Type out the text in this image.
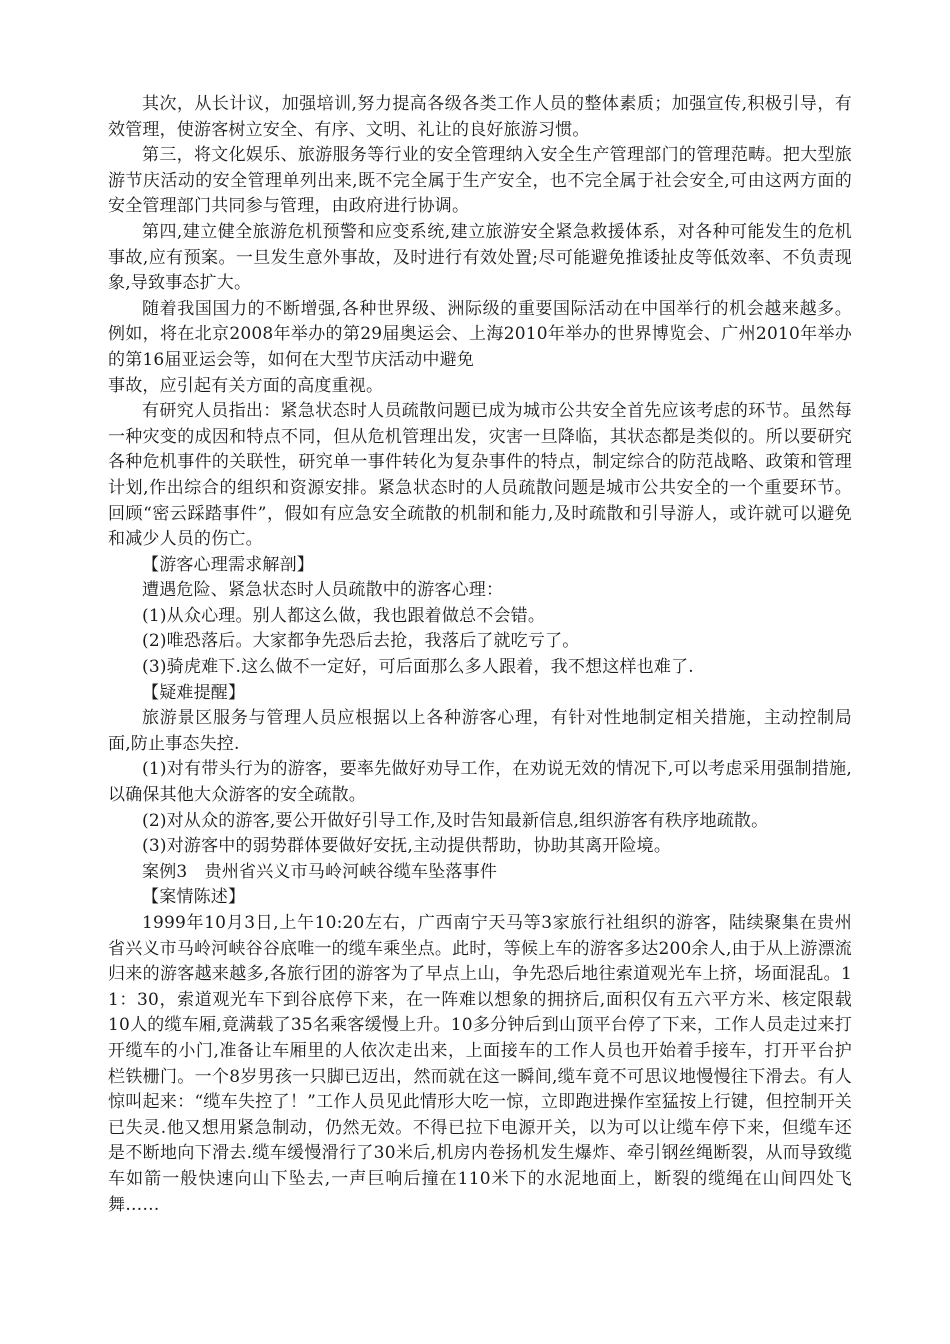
其次，从长计议，加强培训,努力提高各级各类工作人员的整体素质；加强宣传,积极引导，有效管理，使游客树立安全、有序、文明、礼让的良好旅游习惯。

第三，将文化娱乐、旅游服务等行业的安全管理纳入安全生产管理部门的管理范畴。把大型旅游节庆活动的安全管理单列出来,既不完全属于生产安全，也不完全属于社会安全,可由这两方面的安全管理部门共同参与管理，由政府进行协调。

第四,建立健全旅游危机预警和应变系统,建立旅游安全紧急救援体系，对各种可能发生的危机事故,应有预案。一旦发生意外事故，及时进行有效处置;尽可能避免推诿扯皮等低效率、不负责现象,导致事态扩大。

随着我国国力的不断增强,各种世界级、洲际级的重要国际活动在中国举行的机会越来越多。例如，将在北京2008年举办的第29届奥运会、上海2010年举办的世界博览会、广州2010年举办的第16届亚运会等，如何在大型节庆活动中避免

事故，应引起有关方面的高度重视。

有研究人员指出：紧急状态时人员疏散问题已成为城市公共安全首先应该考虑的环节。虽然每一种灾变的成因和特点不同，但从危机管理出发，灾害一旦降临，其状态都是类似的。所以要研究各种危机事件的关联性，研究单一事件转化为复杂事件的特点，制定综合的防范战略、政策和管理计划,作出综合的组织和资源安排。紧急状态时的人员疏散问题是城市公共安全的一个重要环节。回顾“密云踩踏事件”，假如有应急安全疏散的机制和能力,及时疏散和引导游人，或许就可以避免和减少人员的伤亡。

【游客心理需求解剖】

遭遇危险、紧急状态时人员疏散中的游客心理：

(1)从众心理。别人都这么做，我也跟着做总不会错。

(2)唯恐落后。大家都争先恐后去抢，我落后了就吃亏了。

(3)骑虎难下.这么做不一定好，可后面那么多人跟着，我不想这样也难了.

【疑难提醒】

旅游景区服务与管理人员应根据以上各种游客心理，有针对性地制定相关措施，主动控制局面,防止事态失控.

(1)对有带头行为的游客，要率先做好劝导工作，在劝说无效的情况下,可以考虑采用强制措施,以确保其他大众游客的安全疏散。

(2)对从众的游客,要公开做好引导工作,及时告知最新信息,组织游客有秩序地疏散。

(3)对游客中的弱势群体要做好安抚,主动提供帮助，协助其离开险境。

案例3　贵州省兴义市马岭河峡谷缆车坠落事件

【案情陈述】

1999年10月3日,上午10:20左右，广西南宁天马等3家旅行社组织的游客，陆续聚集在贵州省兴义市马岭河峡谷谷底唯一的缆车乘坐点。此时，等候上车的游客多达200余人,由于从上游漂流归来的游客越来越多,各旅行团的游客为了早点上山，争先恐后地往索道观光车上挤，场面混乱。1 1：30，索道观光车下到谷底停下来，在一阵难以想象的拥挤后,面积仅有五六平方米、核定限载10人的缆车厢,竟满载了35名乘客缓慢上升。10多分钟后到山顶平台停了下来，工作人员走过来打开缆车的小门,准备让车厢里的人依次走出来，上面接车的工作人员也开始着手接车，打开平台护栏铁栅门。一个8岁男孩一只脚已迈出，然而就在这一瞬间,缆车竟不可思议地慢慢往下滑去。有人惊叫起来：“缆车失控了！”工作人员见此情形大吃一惊，立即跑进操作室猛按上行键，但控制开关已失灵.他又想用紧急制动，仍然无效。不得已拉下电源开关，以为可以让缆车停下来，但缆车还是不断地向下滑去.缆车缓慢滑行了30米后,机房内卷扬机发生爆炸、牵引钢丝绳断裂，从而导致缆车如箭一般快速向山下坠去,一声巨响后撞在110米下的水泥地面上，断裂的缆绳在山间四处飞舞……
